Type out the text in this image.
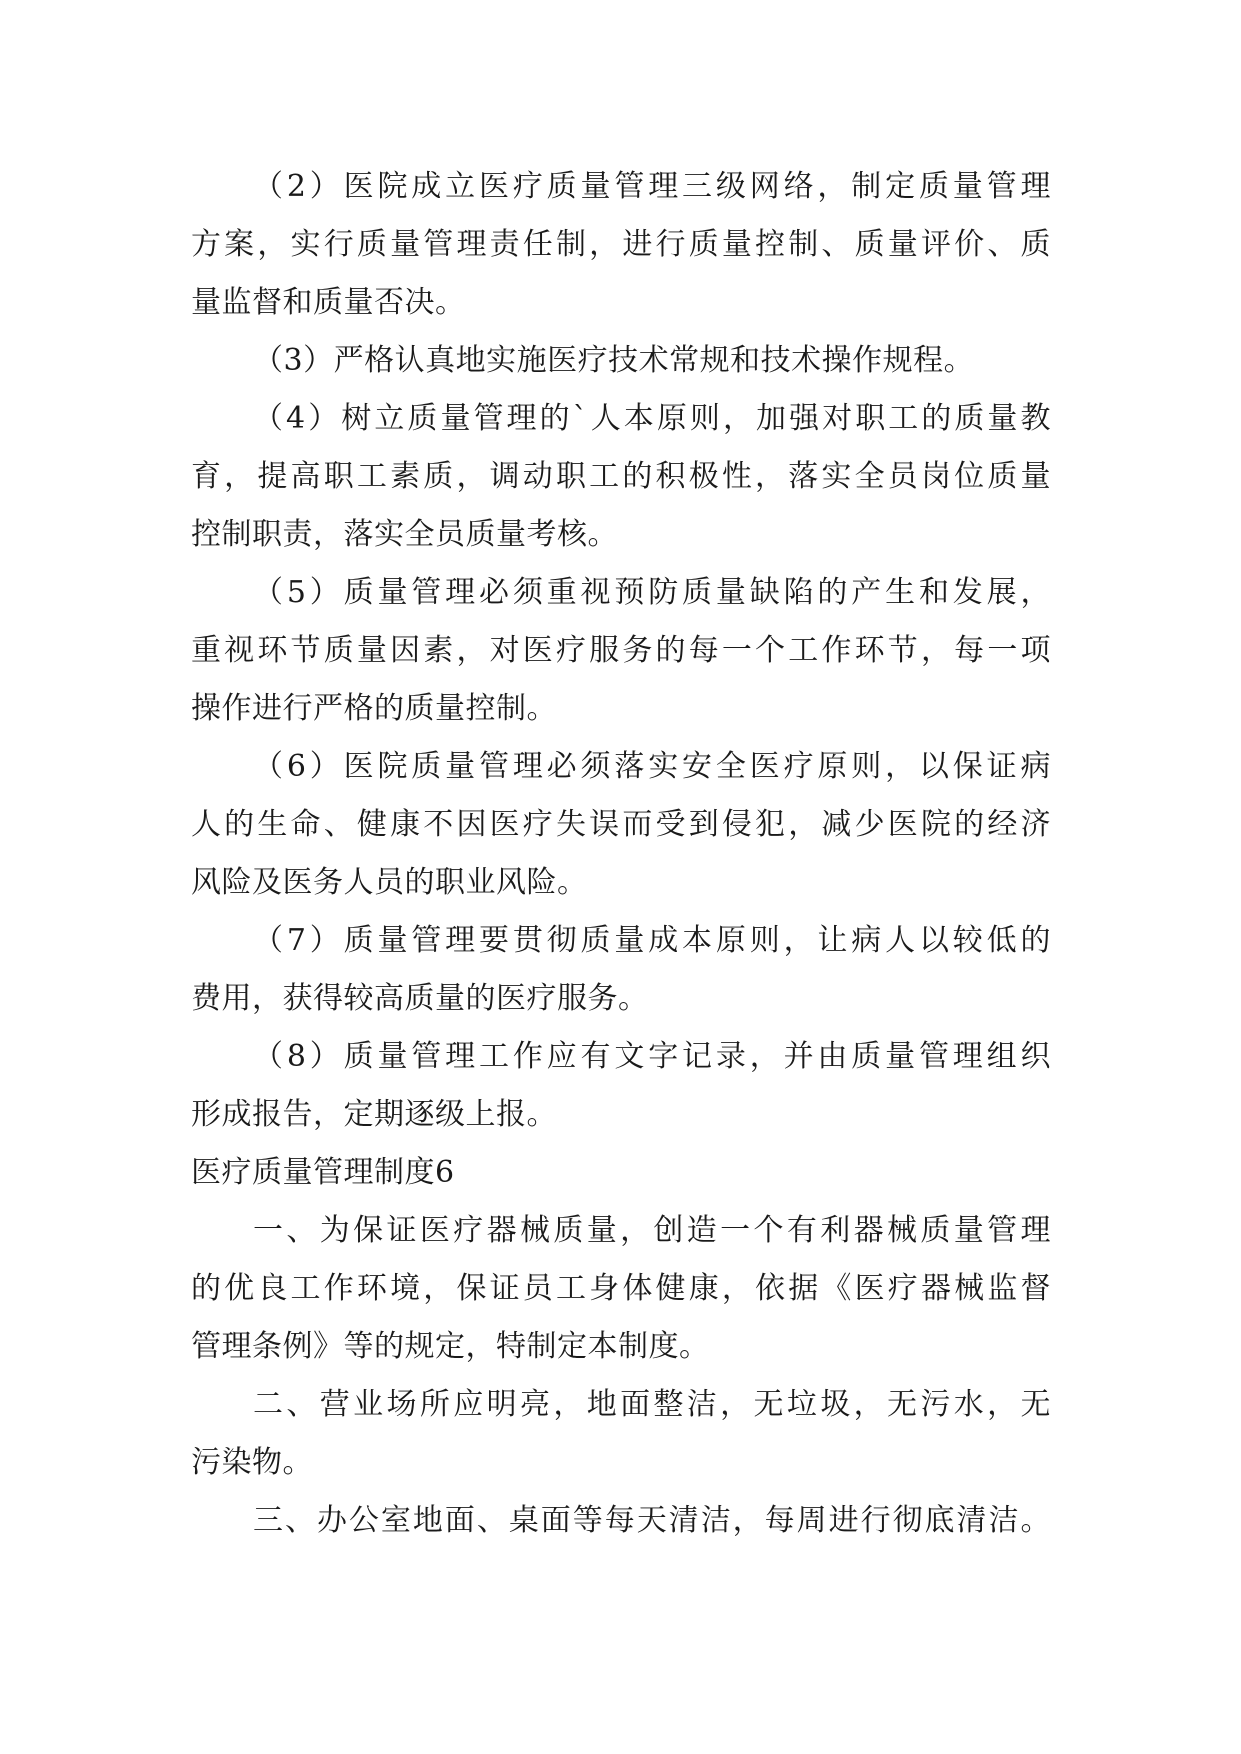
（2）医院成立医疗质量管理三级网络，制定质量管理
方案，实行质量管理责任制，进行质量控制、质量评价、质
量监督和质量否决。
（3）严格认真地实施医疗技术常规和技术操作规程。
（4）树立质量管理的`人本原则，加强对职工的质量教
育，提高职工素质，调动职工的积极性，落实全员岗位质量
控制职责，落实全员质量考核。
（5）质量管理必须重视预防质量缺陷的产生和发展，
重视环节质量因素，对医疗服务的每一个工作环节，每一项
操作进行严格的质量控制。
（6）医院质量管理必须落实安全医疗原则，以保证病
人的生命、健康不因医疗失误而受到侵犯，减少医院的经济
风险及医务人员的职业风险。
（7）质量管理要贯彻质量成本原则，让病人以较低的
费用，获得较高质量的医疗服务。
（8）质量管理工作应有文字记录，并由质量管理组织
形成报告，定期逐级上报。
医疗质量管理制度6
一、为保证医疗器械质量，创造一个有利器械质量管理
的优良工作环境，保证员工身体健康，依据《医疗器械监督
管理条例》等的规定，特制定本制度。
二、营业场所应明亮，地面整洁，无垃圾，无污水，无
污染物。
三、办公室地面、桌面等每天清洁，每周进行彻底清洁。
